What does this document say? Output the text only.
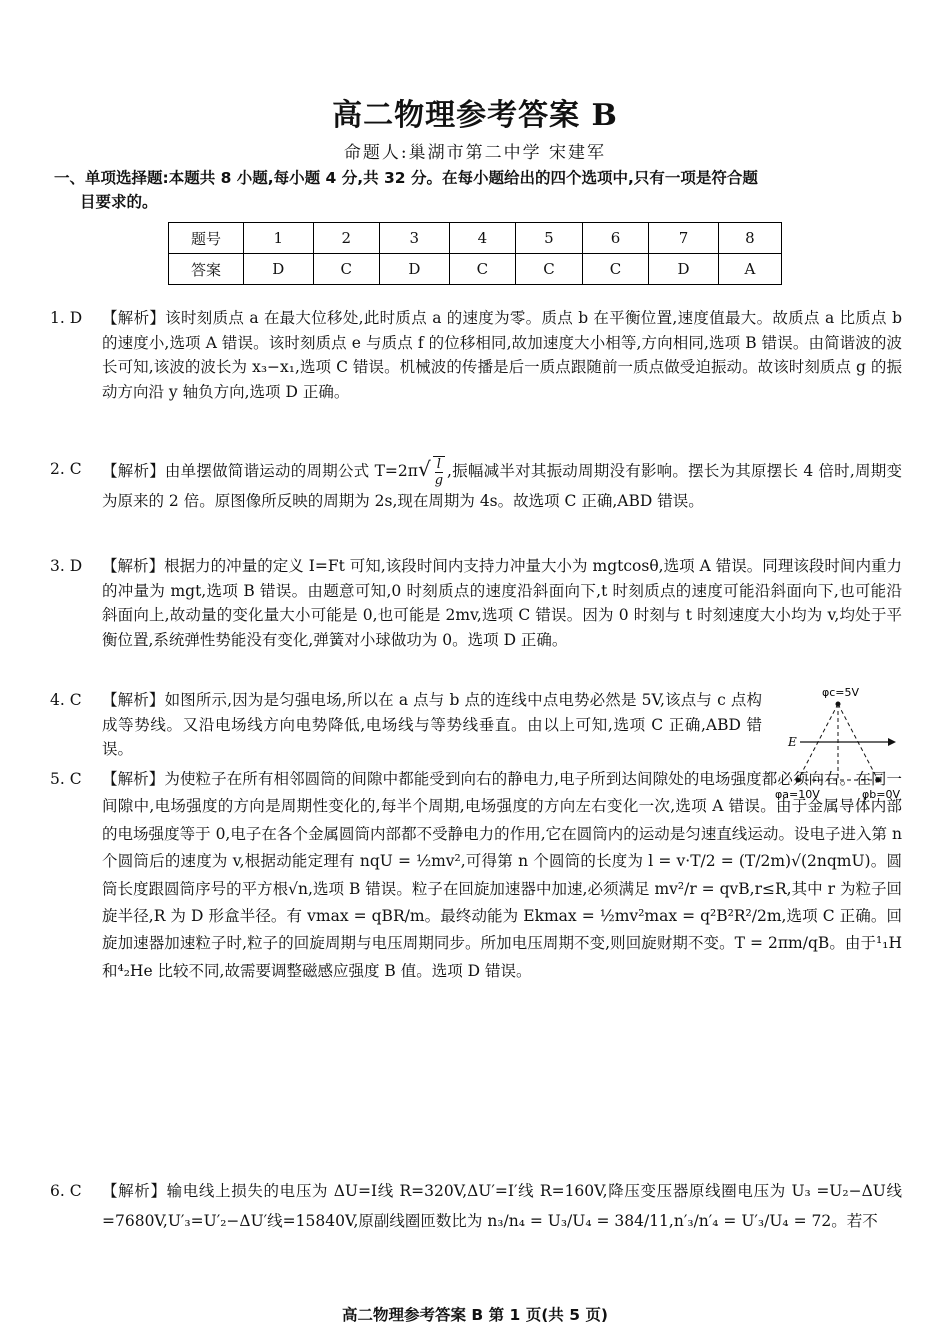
高二物理参考答案 B
命题人:巢湖市第二中学 宋建军
一、单项选择题:本题共 8 小题,每小题 4 分,共 32 分。在每小题给出的四个选项中,只有一项是符合题
目要求的。
题号	1	2	3	4	5	6	7	8
答案	D	C	D	C	C	C	D	A
1. D	【解析】该时刻质点 a 在最大位移处,此时质点 a 的速度为零。质点 b 在平衡位置,速度值最大。故质点 a 比质点 b 的速度小,选项 A 错误。该时刻质点 e 与质点 f 的位移相同,故加速度大小相等,方向相同,选项 B 错误。由简谐波的波长可知,该波的波长为 x₃−x₁,选项 C 错误。机械波的传播是后一质点跟随前一质点做受迫振动。故该时刻质点 g 的振动方向沿 y 轴负方向,选项 D 正确。
2. C	【解析】由单摆做简谐运动的周期公式 $T=2\pi√ \frac{l}{g}$ ,振幅减半对其振动周期没有影响。摆长为其原摆长 4 倍时,周期变为原来的 2 倍。原图像所反映的周期为 2s,现在周期为 4s。故选项 C 正确,ABD 错误。
3. D	【解析】根据力的冲量的定义 I=Ft 可知,该段时间内支持力冲量大小为 mgtcosθ,选项 A 错误。同理该段时间内重力的冲量为 mgt,选项 B 错误。由题意可知,0 时刻质点的速度沿斜面向下,t 时刻质点的速度可能沿斜面向下,也可能沿斜面向上,故动量的变化量大小可能是 0,也可能是 2mv,选项 C 错误。因为 0 时刻与 t 时刻速度大小均为 v,均处于平衡位置,系统弹性势能没有变化,弹簧对小球做功为 0。选项 D 正确。
4. C	【解析】如图所示,因为是匀强电场,所以在 a 点与 b 点的连线中点电势必然是 5V,该点与 c 点构成等势线。又沿电场线方向电势降低,电场线与等势线垂直。由以上可知,选项 C 正确,ABD 错误。
φc=5V
E
φa=10V	φb=0V
5. C	【解析】为使粒子在所有相邻圆筒的间隙中都能受到向右的静电力,电子所到达间隙处的电场强度都必须向右。在同一间隙中,电场强度的方向是周期性变化的,每半个周期,电场强度的方向左右变化一次,选项 A 错误。由于金属导体内部的电场强度等于 0,电子在各个金属圆筒内部都不受静电力的作用,它在圆筒内的运动是匀速直线运动。设电子进入第 n 个圆筒后的速度为 v,根据动能定理有 nqU = ½mv²,可得第 n 个圆筒的长度为 l = v·T/2 = (T/2m)√(2nqmU)。圆筒长度跟圆筒序号的平方根√n,选项 B 错误。粒子在回旋加速器中加速,必须满足 mv²/r = qvB,r≤R,其中 r 为粒子回旋半径,R 为 D 形盒半径。有 vmax = qBR/m。最终动能为 Ekmax = ½mv²max = q²B²R²/2m,选项 C 正确。回旋加速器加速粒子时,粒子的回旋周期与电压周期同步。所加电压周期不变,则回旋财期不变。T = 2πm/qB。由于¹₁H 和⁴₂He 比较不同,故需要调整磁感应强度 B 值。选项 D 错误。
6. C	【解析】输电线上损失的电压为 ΔU=I线 R=320V,ΔU′=I′线 R=160V,降压变压器原线圈电压为 U₃ =U₂−ΔU线=7680V,U′₃=U′₂−ΔU′线=15840V,原副线圈匝数比为 n₃/n₄ = U₃/U₄ = 384/11,n′₃/n′₄ = U′₃/U₄ = 72。若不
高二物理参考答案 B 第 1 页(共 5 页)
